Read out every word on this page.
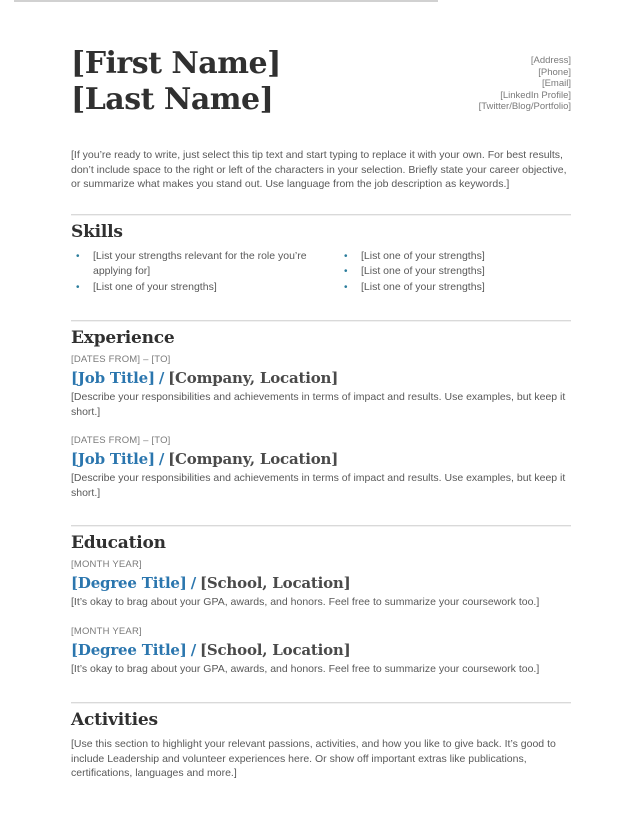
[First Name]
[Last Name]
[Address]
[Phone]
[Email]
[LinkedIn Profile]
[Twitter/Blog/Portfolio]

[If you’re ready to write, just select this tip text and start typing to replace it with your own. For best results, don’t include space to the right or left of the characters in your selection. Briefly state your career objective, or summarize what makes you stand out. Use language from the job description as keywords.]

Skills
•	[List your strengths relevant for the role you’re applying for]
•	[List one of your strengths]
•	[List one of your strengths]
•	[List one of your strengths]
•	[List one of your strengths]
Experience
[DATES FROM] – [TO]
[Job Title] / [Company, Location]

[Describe your responsibilities and achievements in terms of impact and results. Use examples, but keep it short.]

[DATES FROM] – [TO]
[Job Title] / [Company, Location]

[Describe your responsibilities and achievements in terms of impact and results. Use examples, but keep it short.]

Education
[MONTH YEAR]
[Degree Title] / [School, Location]

[It’s okay to brag about your GPA, awards, and honors. Feel free to summarize your coursework too.]

[MONTH YEAR]
[Degree Title] / [School, Location]

[It’s okay to brag about your GPA, awards, and honors. Feel free to summarize your coursework too.]

Activities

[Use this section to highlight your relevant passions, activities, and how you like to give back. It’s good to include Leadership and volunteer experiences here. Or show off important extras like publications, certifications, languages and more.]
